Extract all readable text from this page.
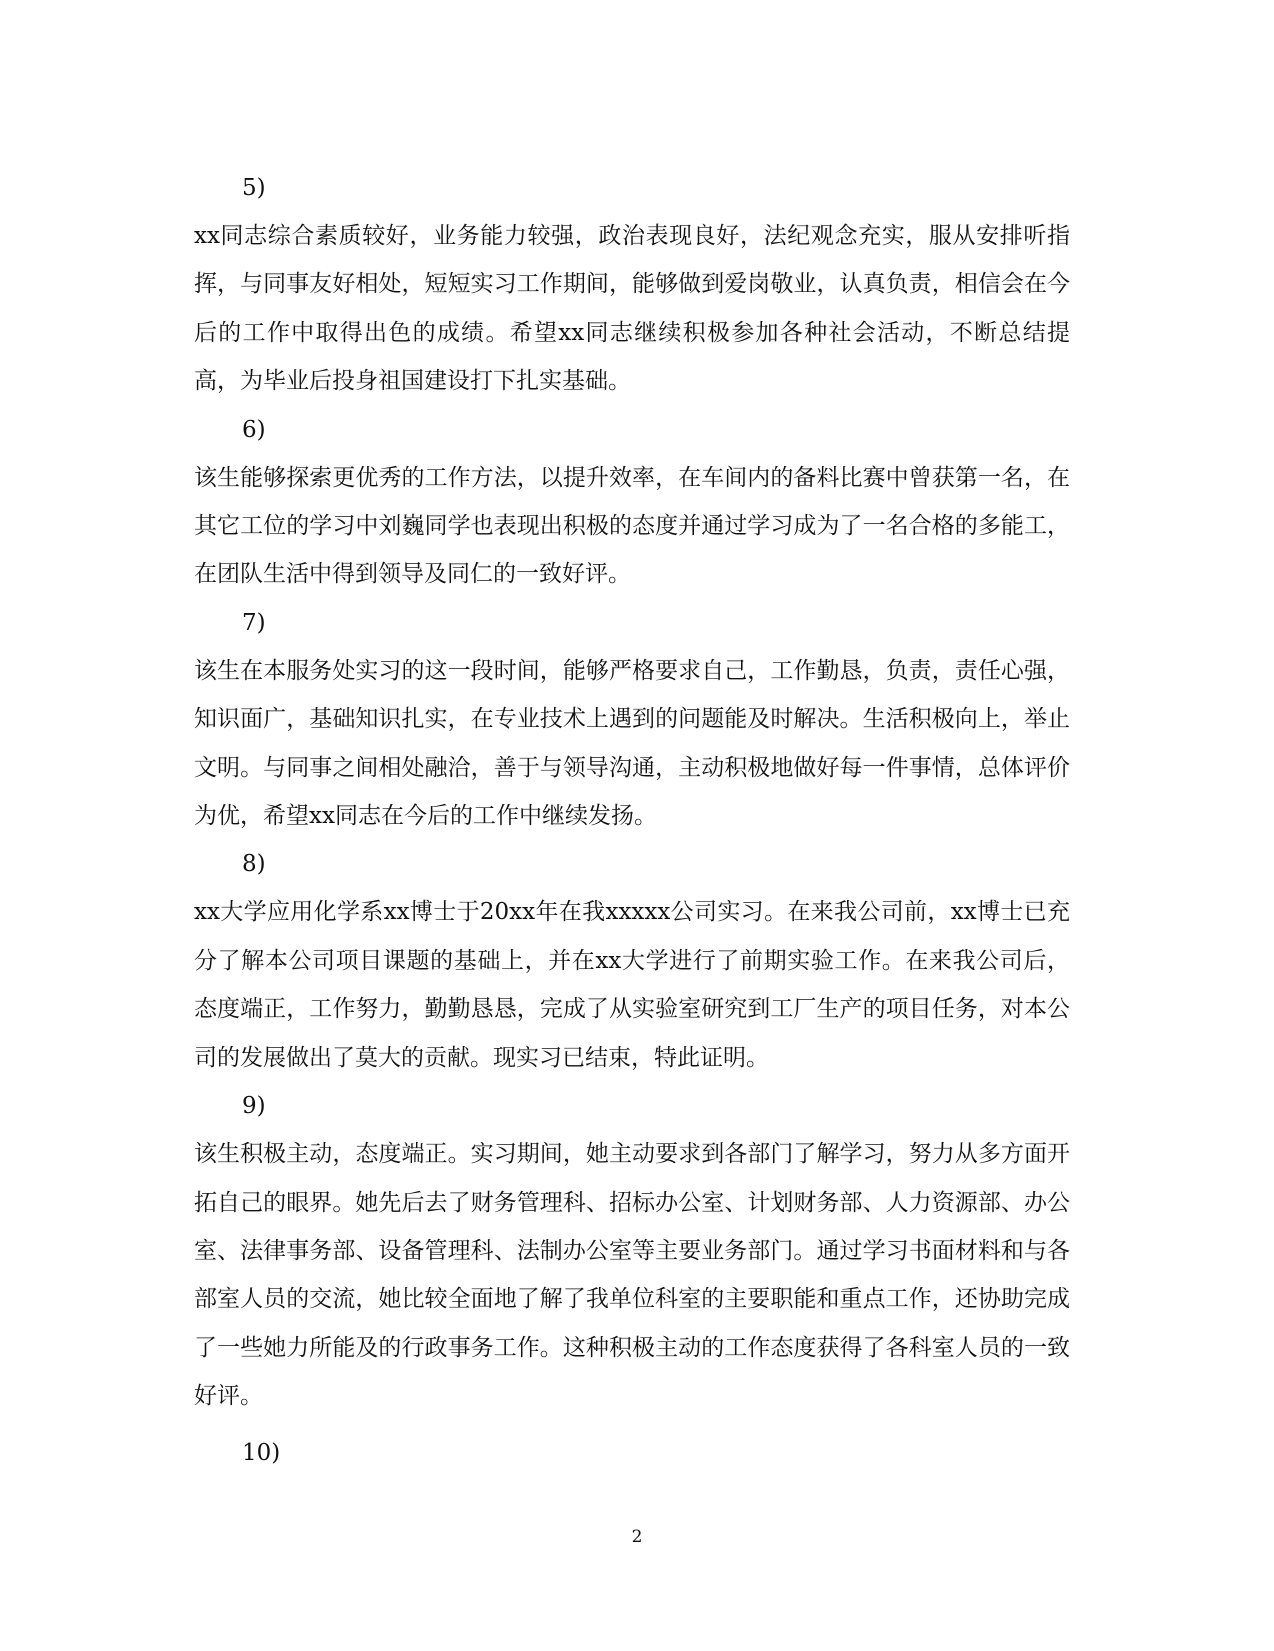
5)

xx同志综合素质较好，业务能力较强，政治表现良好，法纪观念充实，服从安排听指挥，与同事友好相处，短短实习工作期间，能够做到爱岗敬业，认真负责，相信会在今后的工作中取得出色的成绩。希望xx同志继续积极参加各种社会活动，不断总结提高，为毕业后投身祖国建设打下扎实基础。

6)

该生能够探索更优秀的工作方法，以提升效率，在车间内的备料比赛中曾获第一名，在其它工位的学习中刘巍同学也表现出积极的态度并通过学习成为了一名合格的多能工，在团队生活中得到领导及同仁的一致好评。

7)

该生在本服务处实习的这一段时间，能够严格要求自己，工作勤恳，负责，责任心强，知识面广，基础知识扎实，在专业技术上遇到的问题能及时解决。生活积极向上，举止文明。与同事之间相处融洽，善于与领导沟通，主动积极地做好每一件事情，总体评价为优，希望xx同志在今后的工作中继续发扬。

8)

xx大学应用化学系xx博士于20xx年在我xxxxx公司实习。在来我公司前，xx博士已充分了解本公司项目课题的基础上，并在xx大学进行了前期实验工作。在来我公司后，态度端正，工作努力，勤勤恳恳，完成了从实验室研究到工厂生产的项目任务，对本公司的发展做出了莫大的贡献。现实习已结束，特此证明。

9)

该生积极主动，态度端正。实习期间，她主动要求到各部门了解学习，努力从多方面开拓自己的眼界。她先后去了财务管理科、招标办公室、计划财务部、人力资源部、办公室、法律事务部、设备管理科、法制办公室等主要业务部门。通过学习书面材料和与各部室人员的交流，她比较全面地了解了我单位科室的主要职能和重点工作，还协助完成了一些她力所能及的行政事务工作。这种积极主动的工作态度获得了各科室人员的一致好评。

10)
2
